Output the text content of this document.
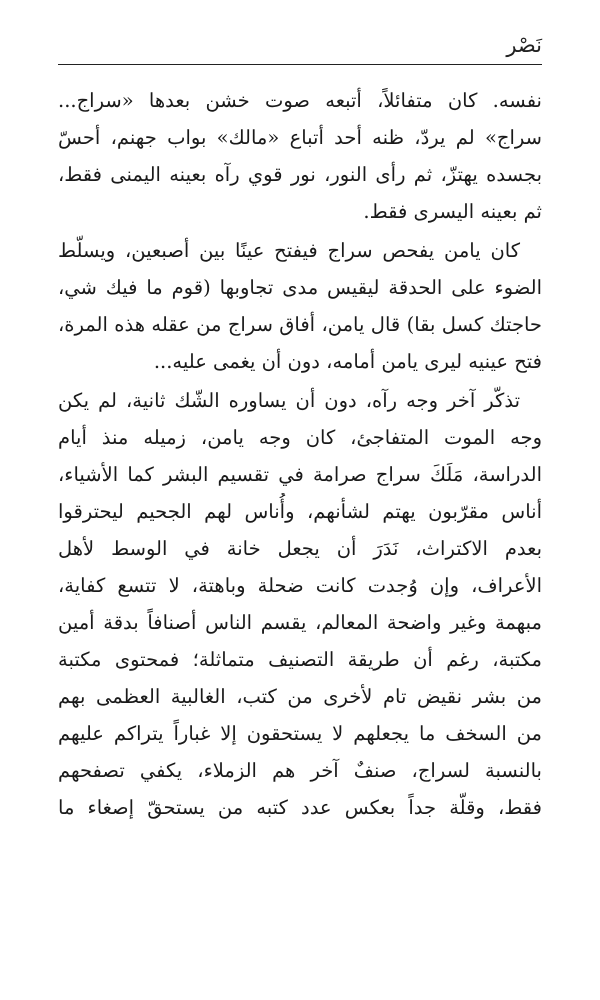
نَصْر

نفسه. كان متفائلاً، أتبعه صوت خشن بعدها «سراج...
سراج» لم يردّ، ظنه أحد أتباع «مالك» بواب جهنم، أحسّ
بجسده يهتزّ، ثم رأى النور، نور قوي رآه بعينه اليمنى فقط،
ثم بعينه اليسرى فقط.

كان يامن يفحص سراج فيفتح عينًا بين أصبعين، ويسلّط
الضوء على الحدقة ليقيس مدى تجاوبها (قوم ما فيك شي،
حاجتك كسل بقا) قال يامن، أفاق سراج من عقله هذه المرة،
فتح عينيه ليرى يامن أمامه، دون أن يغمى عليه...

تذكّر آخر وجه رآه، دون أن يساوره الشّك ثانية، لم يكن
وجه الموت المتفاجئ، كان وجه يامن، زميله منذ أيام
الدراسة، مَلَكَ سراج صرامة في تقسيم البشر كما الأشياء،
أناس مقرّبون يهتم لشأنهم، وأُناس لهم الجحيم ليحترقوا
بعدم الاكتراث، نَدَرَ أن يجعل خانة في الوسط لأهل
الأعراف، وإن وُجدت كانت ضحلة وباهتة، لا تتسع كفاية،
مبهمة وغير واضحة المعالم، يقسم الناس أصنافاً بدقة أمين
مكتبة، رغم أن طريقة التصنيف متماثلة؛ فمحتوى مكتبة
من بشر نقيض تام لأخرى من كتب، الغالبية العظمى بهم
من السخف ما يجعلهم لا يستحقون إلا غباراً يتراكم عليهم
بالنسبة لسراج، صنفٌ آخر هم الزملاء، يكفي تصفحهم
فقط، وقلّة جداً بعكس عدد كتبه من يستحقّ إصغاء ما
